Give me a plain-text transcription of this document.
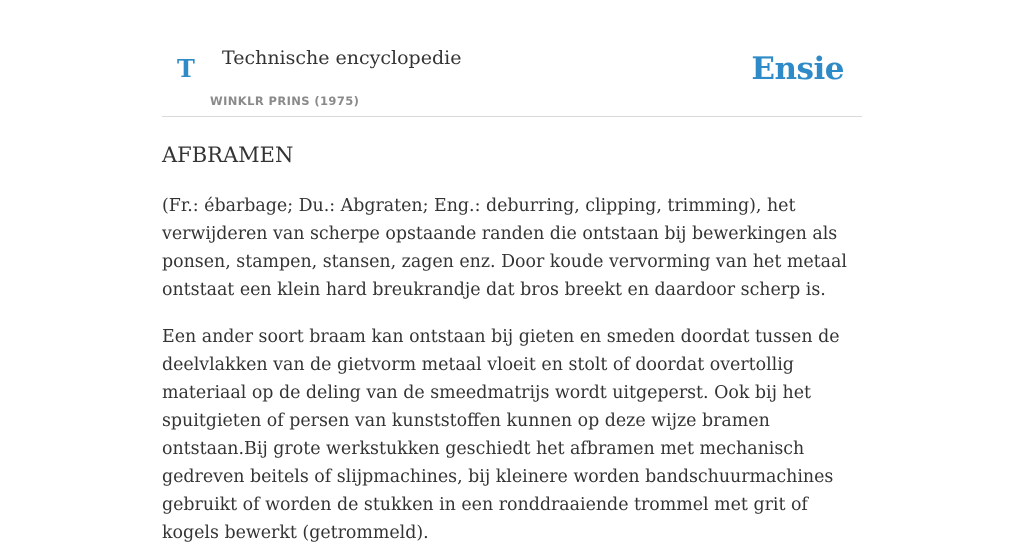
T Technische encyclopedie
WINKLR PRINS (1975)
Ensie
AFBRAMEN

(Fr.: ébarbage; Du.: Abgraten; Eng.: deburring, clipping, trimming), het verwijderen van scherpe opstaande randen die ontstaan bij bewerkingen als ponsen, stampen, stansen, zagen enz. Door koude vervorming van het metaal ontstaat een klein hard breukrandje dat bros breekt en daardoor scherp is.

Een ander soort braam kan ontstaan bij gieten en smeden doordat tussen de deelvlakken van de gietvorm metaal vloeit en stolt of doordat overtollig materiaal op de deling van de smeedmatrijs wordt uitgeperst. Ook bij het spuitgieten of persen van kunststoffen kunnen op deze wijze bramen ontstaan.Bij grote werkstukken geschiedt het afbramen met mechanisch gedreven beitels of slijpmachines, bij kleinere worden bandschuurmachines gebruikt of worden de stukken in een ronddraaiende trommel met grit of kogels bewerkt (getrommeld).
